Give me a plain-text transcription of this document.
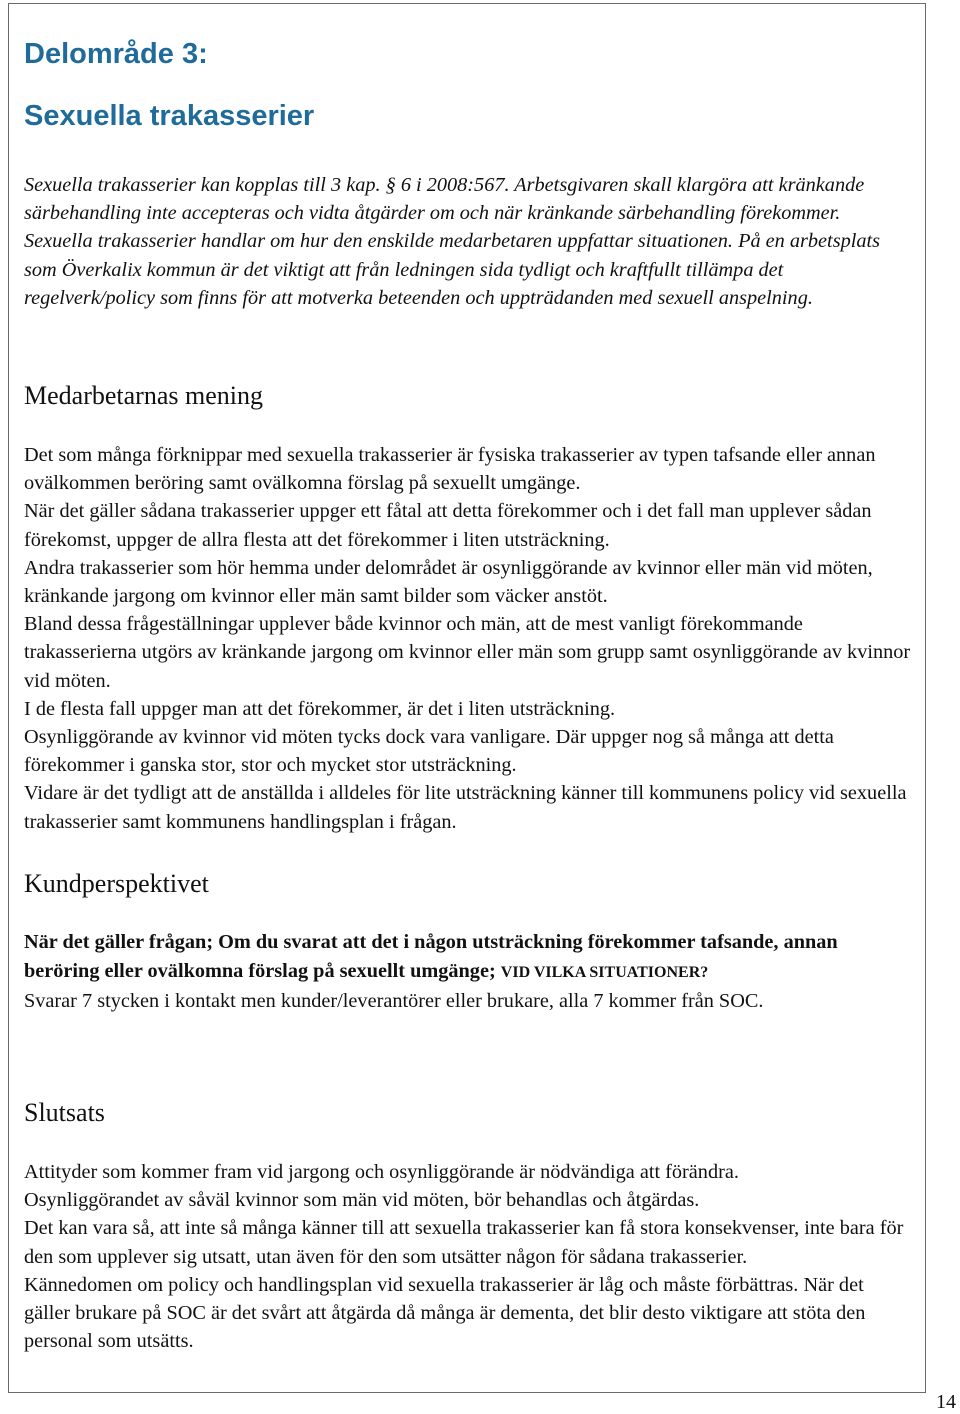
Delområde 3:
Sexuella trakasserier

Sexuella trakasserier kan kopplas till 3 kap. § 6 i 2008:567. Arbetsgivaren skall klargöra att kränkande särbehandling inte accepteras och vidta åtgärder om och när kränkande särbehandling förekommer. Sexuella trakasserier handlar om hur den enskilde medarbetaren uppfattar situationen. På en arbetsplats som Överkalix kommun är det viktigt att från ledningen sida tydligt och kraftfullt tillämpa det regelverk/policy som finns för att motverka beteenden och uppträdanden med sexuell anspelning.

Medarbetarnas mening

Det som många förknippar med sexuella trakasserier är fysiska trakasserier av typen tafsande eller annan ovälkommen beröring samt ovälkomna förslag på sexuellt umgänge.

När det gäller sådana trakasserier uppger ett fåtal att detta förekommer och i det fall man upplever sådan förekomst, uppger de allra flesta att det förekommer i liten utsträckning.

Andra trakasserier som hör hemma under delområdet är osynliggörande av kvinnor eller män vid möten, kränkande jargong om kvinnor eller män samt bilder som väcker anstöt.

Bland dessa frågeställningar upplever både kvinnor och män, att de mest vanligt förekommande trakasserierna utgörs av kränkande jargong om kvinnor eller män som grupp samt osynliggörande av kvinnor vid möten.

I de flesta fall uppger man att det förekommer, är det i liten utsträckning.

Osynliggörande av kvinnor vid möten tycks dock vara vanligare. Där uppger nog så många att detta förekommer i ganska stor, stor och mycket stor utsträckning.

Vidare är det tydligt att de anställda i alldeles för lite utsträckning känner till kommunens policy vid sexuella trakasserier samt kommunens handlingsplan i frågan.

Kundperspektivet

När det gäller frågan; Om du svarat att det i någon utsträckning förekommer tafsande, annan beröring eller ovälkomna förslag på sexuellt umgänge; VID VILKA SITUATIONER?

Svarar 7 stycken i kontakt men kunder/leverantörer eller brukare, alla 7 kommer från SOC.

Slutsats

Attityder som kommer fram vid jargong och osynliggörande är nödvändiga att förändra.

Osynliggörandet av såväl kvinnor som män vid möten, bör behandlas och åtgärdas.

Det kan vara så, att inte så många känner till att sexuella trakasserier kan få stora konsekvenser, inte bara för den som upplever sig utsatt, utan även för den som utsätter någon för sådana trakasserier.

Kännedomen om policy och handlingsplan vid sexuella trakasserier är låg och måste förbättras. När det gäller brukare på SOC är det svårt att åtgärda då många är dementa, det blir desto viktigare att stöta den personal som utsätts.

14
